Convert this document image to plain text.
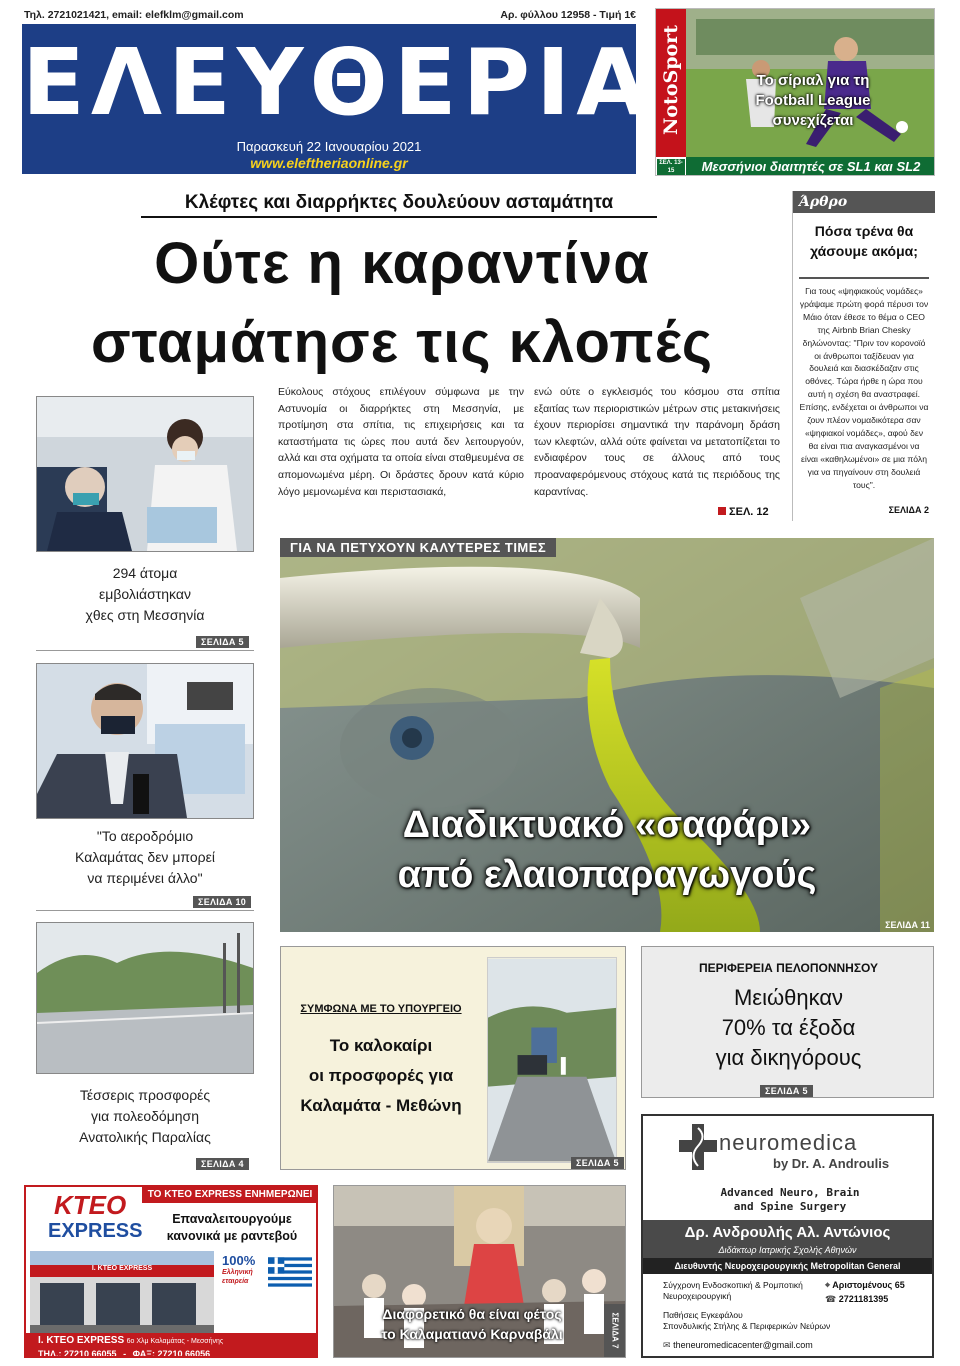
Τηλ. 2721021421, email: elefklm@gmail.com	Αρ. φύλλου 12958 - Τιμή 1€
ΕΛΕΥΘΕΡΙΑ
Παρασκευή 22 Ιανουαρίου 2021
www.eleftheriaonline.gr
NotoSport
ΣΕΛ. 13-15
Το σίριαλ για τη
Football League
συνεχίζεται
Μεσσήνιοι διαιτητές σε SL1 και SL2
Κλέφτες και διαρρήκτες δουλεύουν ασταμάτητα
Ούτε η καραντίνα
σταμάτησε τις κλοπές
Εύκολους στόχους επιλέγουν σύμφωνα με την Αστυνομία οι διαρρήκτες στη Μεσσηνία, με προτίμηση στα σπίτια, τις επιχειρήσεις και τα καταστήματα τις ώρες που αυτά δεν λειτουργούν, αλλά και στα οχήματα τα οποία είναι σταθμευμένα σε απομονωμένα μέρη. Οι δράστες δρουν κατά κύριο λόγο μεμονωμένα και περιστασιακά,
ενώ ούτε ο εγκλεισμός του κόσμου στα σπίτια εξαιτίας των περιοριστικών μέτρων στις μετακινήσεις έχουν περιορίσει σημαντικά την παράνομη δράση των κλεφτών, αλλά ούτε φαίνεται να μετατοπίζεται το ενδιαφέρον τους σε άλλους από τους προαναφερόμενους στόχους κατά τις περιόδους της καραντίνας.
ΣΕΛ. 12
Άρθρο
Πόσα τρένα θα χάσουμε ακόμα;
Για τους «ψηφιακούς νομάδες» γράψαμε πρώτη φορά πέρυσι τον Μάιο όταν έθεσε το θέμα ο CEO της Airbnb Brian Chesky δηλώνοντας: "Πριν τον κορονοϊό οι άνθρωποι ταξίδευαν για δουλειά και διασκέδαζαν στις οθόνες. Τώρα ήρθε η ώρα που αυτή η σχέση θα αναστραφεί. Επίσης, ενδέχεται οι άνθρωποι να ζουν πλέον νομαδικότερα σαν «ψηφιακοί νομάδες», αφού δεν θα είναι πια αναγκασμένοι να είναι «καθηλωμένοι» σε μια πόλη για να πηγαίνουν στη δουλειά τους".
ΣΕΛΙΔΑ 2
294 άτομα
εμβολιάστηκαν
χθες στη Μεσσηνία
ΣΕΛΙΔΑ 5
"Το αεροδρόμιο
Καλαμάτας δεν μπορεί
να περιμένει άλλο"
ΣΕΛΙΔΑ 10
Τέσσερις προσφορές
για πολεοδόμηση
Ανατολικής Παραλίας
ΣΕΛΙΔΑ 4
ΓΙΑ ΝΑ ΠΕΤΥΧΟΥΝ ΚΑΛΥΤΕΡΕΣ ΤΙΜΕΣ
Διαδικτυακό «σαφάρι»
από ελαιοπαραγωγούς
ΣΕΛΙΔΑ 11
ΣΥΜΦΩΝΑ ΜΕ ΤΟ ΥΠΟΥΡΓΕΙΟ
Το καλοκαίρι
οι προσφορές για
Καλαμάτα - Μεθώνη
ΣΕΛΙΔΑ 5
ΠΕΡΙΦΕΡΕΙΑ ΠΕΛΟΠΟΝΝΗΣΟΥ
Μειώθηκαν
70% τα έξοδα
για δικηγόρους
ΣΕΛΙΔΑ 5
KTEO
EXPRESS
ΤΟ ΚΤΕΟ EXPRESS ΕΝΗΜΕΡΩΝΕΙ
Επαναλειτουργούμε
κανονικά με ραντεβού
I. KTEO EXPRESS
100%
Ελληνική
εταιρεία
I. ΚΤΕΟ EXPRESS 6o Χλμ Καλαμάτας - Μεσσήνης
ΤΗΛ.: 27210 66055 - ΦΑΞ: 27210 66056
Διαφορετικό θα είναι φέτος
το Καλαματιανό Καρναβάλι	ΣΕΛΙΔΑ 7
neuromedica
by Dr. A. Androulis
Advanced Neuro, Brain
and Spine Surgery
Δρ. Ανδρουλής Αλ. Αντώνιος
Διδάκτωρ Ιατρικής Σχολής Αθηνών
Διευθυντής Νευροχειρουργικής Metropolitan General
Σύγχρονη Ενδοσκοπική & Ρομποτική
Νευροχειρουργική
⌖ Αριστομένους 65
☎ 2721181395
Παθήσεις Εγκεφάλου
Σπονδυλικής Στήλης & Περιφερικών Νεύρων
✉ theneuromedicacenter@gmail.com
